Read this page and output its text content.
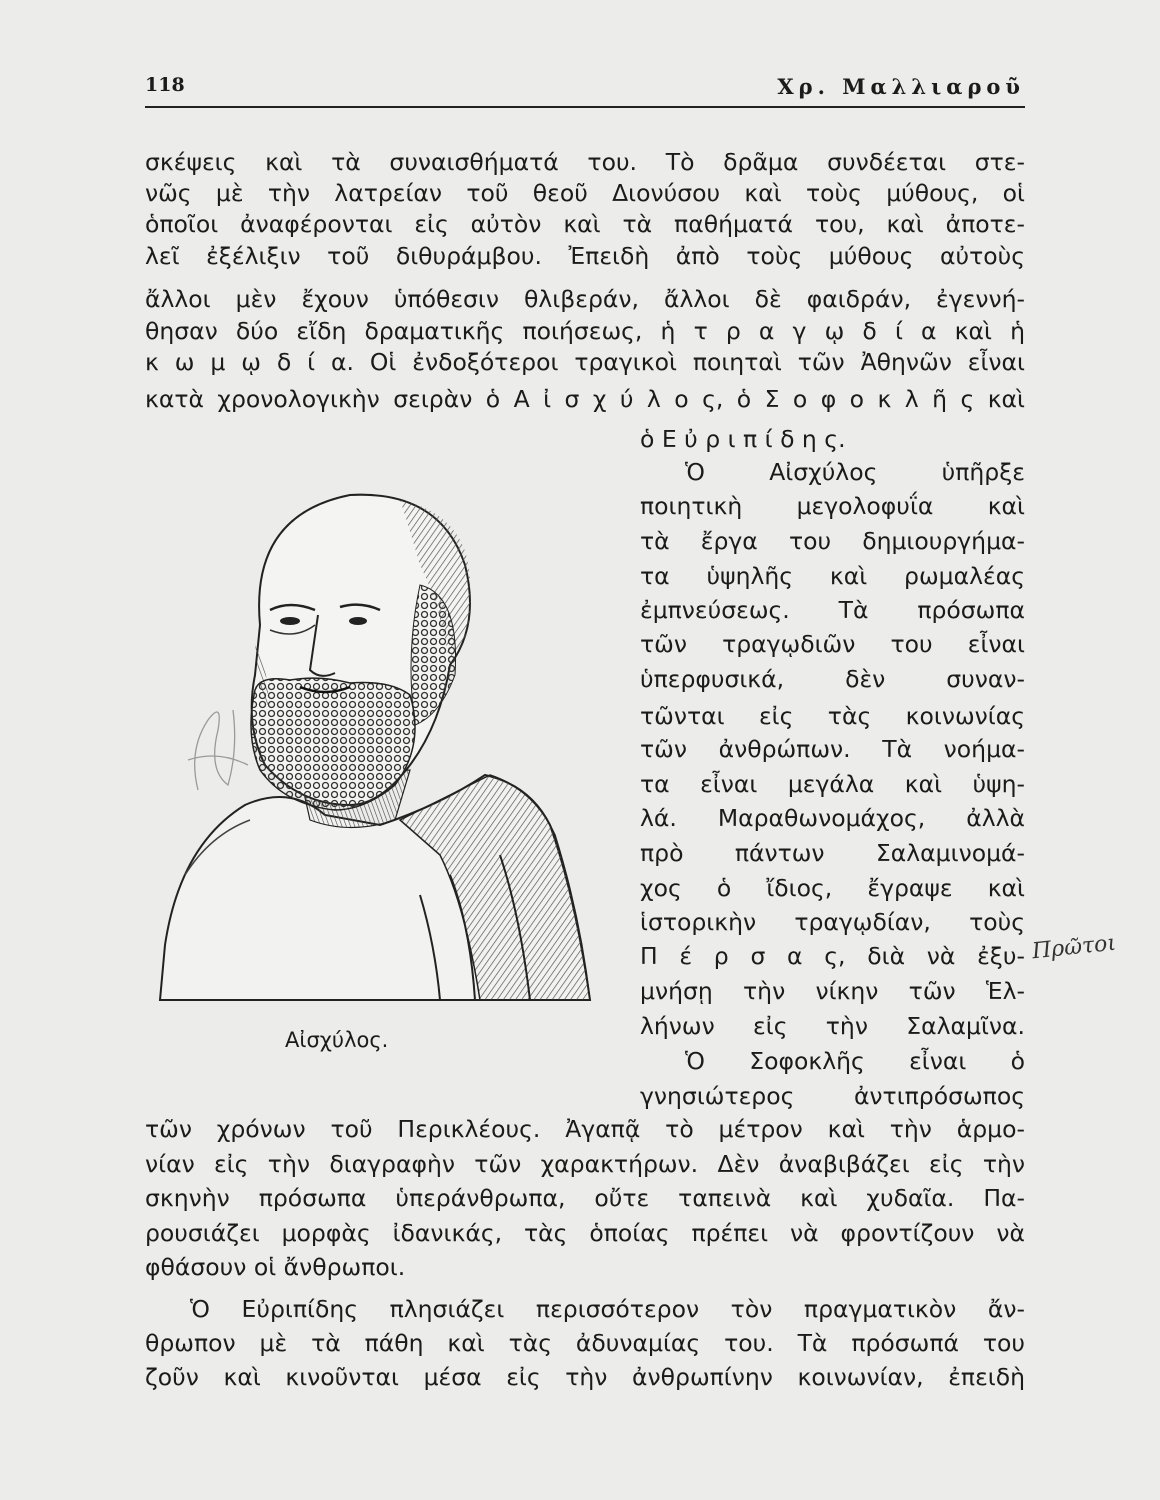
118	Χρ. Μαλλιαροῦ
σκέψεις καὶ τὰ συναισθήματά του. Τὸ δρᾶμα συνδέεται στε-
νῶς μὲ τὴν λατρείαν τοῦ θεοῦ Διονύσου καὶ τοὺς μύθους, οἱ
ὁποῖοι ἀναφέρονται εἰς αὐτὸν καὶ τὰ παθήματά του, καὶ ἀποτε-
λεῖ ἐξέλιξιν τοῦ διθυράμβου. Ἐπειδὴ ἀπὸ τοὺς μύθους αὐτοὺς
ἄλλοι μὲν ἔχουν ὑπόθεσιν θλιβεράν, ἄλλοι δὲ φαιδράν, ἐγεννή-
θησαν δύο εἴδη δραματικῆς ποιήσεως, ἡ τ ρ α γ ῳ δ ί α καὶ ἡ
κ ω μ ῳ δ ί α. Οἱ ἐνδοξότεροι τραγικοὶ ποιηταὶ τῶν Ἀθηνῶν εἶναι
κατὰ χρονολογικὴν σειρὰν ὁ Α ἰ σ χ ύ λ ο ς, ὁ Σ ο φ ο κ λ ῆ ς καὶ
ὁ Ε ὐ ρ ι π ί δ η ς.
Ὁ Αἰσχύλος ὑπῆρξε
ποιητικὴ μεγολοφυΐα καὶ
τὰ ἔργα του δημιουργήμα-
τα ὑψηλῆς καὶ ρωμαλέας
ἐμπνεύσεως. Τὰ πρόσωπα
τῶν τραγῳδιῶν του εἶναι
ὑπερφυσικά, δὲν συναν-
τῶνται εἰς τὰς κοινωνίας
τῶν ἀνθρώπων. Τὰ νοήμα-
τα εἶναι μεγάλα καὶ ὑψη-
λά. Μαραθωνομάχος, ἀλλὰ
πρὸ πάντων Σαλαμινομά-
χος ὁ ἴδιος, ἔγραψε καὶ
ἱστορικὴν τραγῳδίαν, τοὺς
Π έ ρ σ α ς, διὰ νὰ ἐξυ-
μνήσῃ τὴν νίκην τῶν Ἑλ-
λήνων εἰς τὴν Σαλαμῖνα.
Ὁ Σοφοκλῆς εἶναι ὁ
γνησιώτερος ἀντιπρόσωπος
τῶν χρόνων τοῦ Περικλέους. Ἀγαπᾷ τὸ μέτρον καὶ τὴν ἁρμο-
νίαν εἰς τὴν διαγραφὴν τῶν χαρακτήρων. Δὲν ἀναβιβάζει εἰς τὴν
σκηνὴν πρόσωπα ὑπεράνθρωπα, οὔτε ταπεινὰ καὶ χυδαῖα. Πα-
ρουσιάζει μορφὰς ἰδανικάς, τὰς ὁποίας πρέπει νὰ φροντίζουν νὰ
φθάσουν οἱ ἄνθρωποι.
Ὁ Εὐριπίδης πλησιάζει περισσότερον τὸν πραγματικὸν ἄν-
θρωπον μὲ τὰ πάθη καὶ τὰς ἀδυναμίας του. Τὰ πρόσωπά του
ζοῦν καὶ κινοῦνται μέσα εἰς τὴν ἀνθρωπίνην κοινωνίαν, ἐπειδὴ
Αἰσχύλος.
Πρῶτοι
